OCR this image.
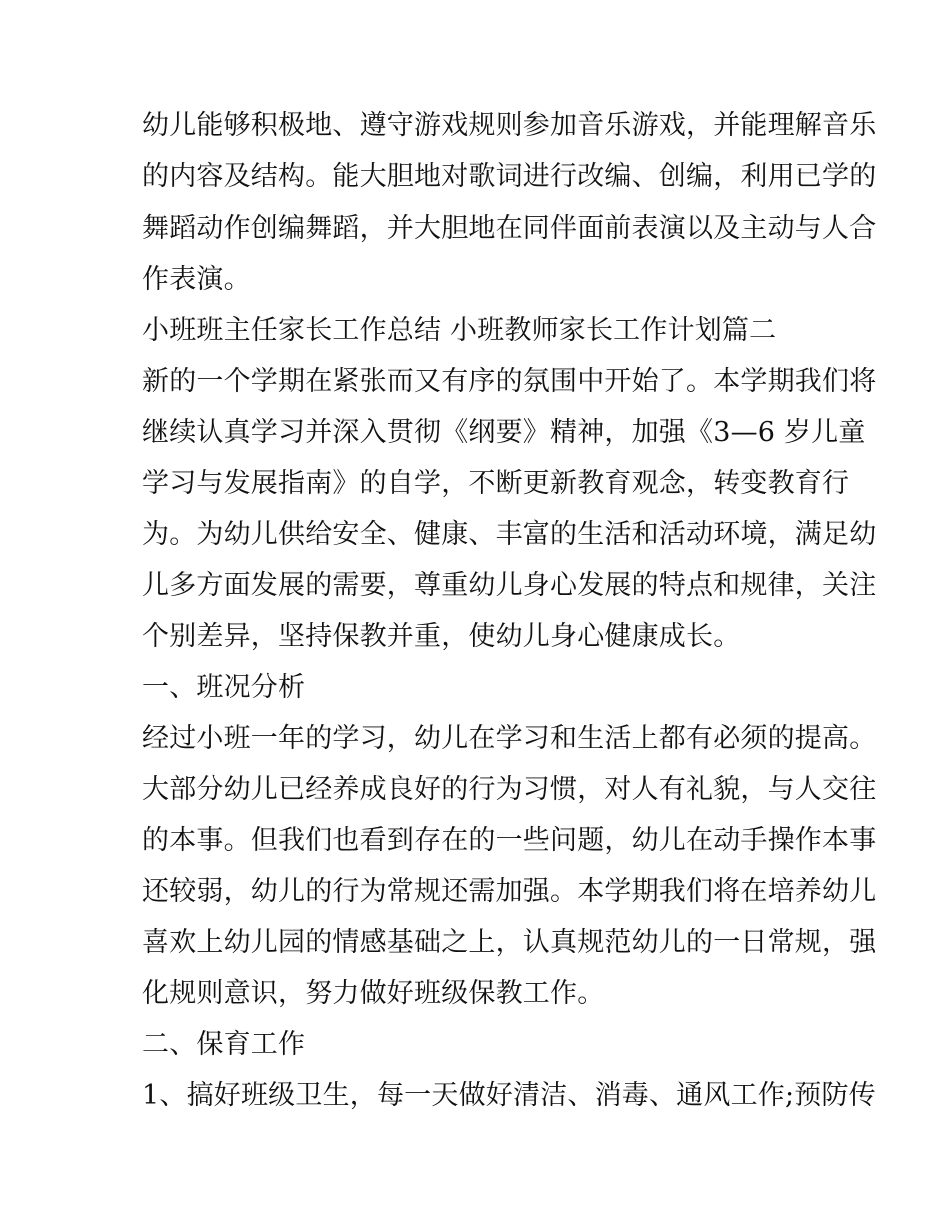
幼儿能够积极地、遵守游戏规则参加音乐游戏，并能理解音乐
的内容及结构。能大胆地对歌词进行改编、创编，利用已学的
舞蹈动作创编舞蹈，并大胆地在同伴面前表演以及主动与人合
作表演。
小班班主任家长工作总结 小班教师家长工作计划篇二
新的一个学期在紧张而又有序的氛围中开始了。本学期我们将
继续认真学习并深入贯彻《纲要》精神，加强《3—6 岁儿童
学习与发展指南》的自学，不断更新教育观念，转变教育行
为。为幼儿供给安全、健康、丰富的生活和活动环境，满足幼
儿多方面发展的需要，尊重幼儿身心发展的特点和规律，关注
个别差异，坚持保教并重，使幼儿身心健康成长。
一、班况分析
经过小班一年的学习，幼儿在学习和生活上都有必须的提高。
大部分幼儿已经养成良好的行为习惯，对人有礼貌，与人交往
的本事。但我们也看到存在的一些问题，幼儿在动手操作本事
还较弱，幼儿的行为常规还需加强。本学期我们将在培养幼儿
喜欢上幼儿园的情感基础之上，认真规范幼儿的一日常规，强
化规则意识，努力做好班级保教工作。
二、保育工作
1、搞好班级卫生，每一天做好清洁、消毒、通风工作;预防传
